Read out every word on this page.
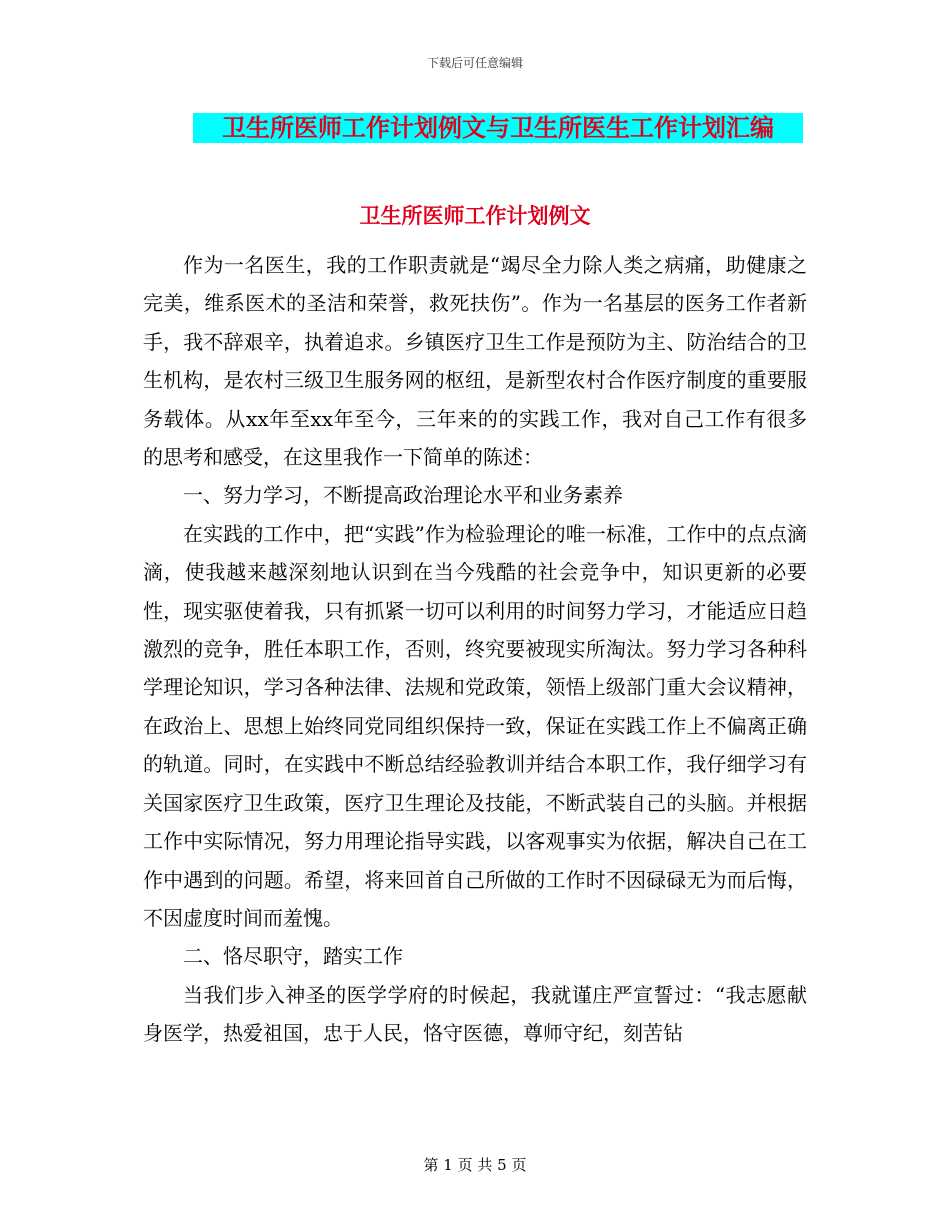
下载后可任意编辑
卫生所医师工作计划例文与卫生所医生工作计划汇编
卫生所医师工作计划例文

作为一名医生，我的工作职责就是“竭尽全力除人类之病痛，助健康之完美，维系医术的圣洁和荣誉，救死扶伤”。作为一名基层的医务工作者新手，我不辞艰辛，执着追求。乡镇医疗卫生工作是预防为主、防治结合的卫生机构，是农村三级卫生服务网的枢纽，是新型农村合作医疗制度的重要服务载体。从xx年至xx年至今，三年来的的实践工作，我对自己工作有很多的思考和感受，在这里我作一下简单的陈述：

一、努力学习，不断提高政治理论水平和业务素养

在实践的工作中，把“实践”作为检验理论的唯一标准，工作中的点点滴滴，使我越来越深刻地认识到在当今残酷的社会竞争中，知识更新的必要性，现实驱使着我，只有抓紧一切可以利用的时间努力学习，才能适应日趋激烈的竞争，胜任本职工作，否则，终究要被现实所淘汰。努力学习各种科学理论知识，学习各种法律、法规和党政策，领悟上级部门重大会议精神，在政治上、思想上始终同党同组织保持一致，保证在实践工作上不偏离正确的轨道。同时，在实践中不断总结经验教训并结合本职工作，我仔细学习有关国家医疗卫生政策，医疗卫生理论及技能，不断武装自己的头脑。并根据工作中实际情况，努力用理论指导实践，以客观事实为依据，解决自己在工作中遇到的问题。希望，将来回首自己所做的工作时不因碌碌无为而后悔，不因虚度时间而羞愧。

二、恪尽职守，踏实工作

当我们步入神圣的医学学府的时候起，我就谨庄严宣誓过：“我志愿献身医学，热爱祖国，忠于人民，恪守医德，尊师守纪，刻苦钻

第 1 页 共 5 页
